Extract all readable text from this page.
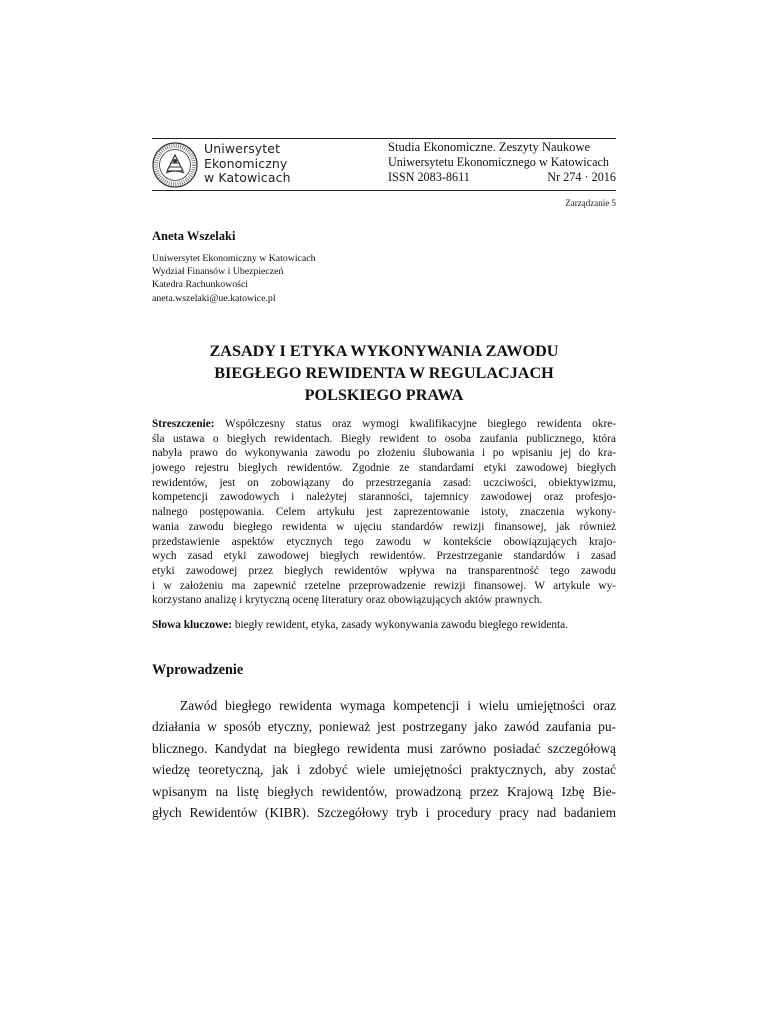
Uniwersytet
Ekonomiczny
w Katowicach
Studia Ekonomiczne. Zeszyty Naukowe
Uniwersytetu Ekonomicznego w Katowicach
ISSN 2083-8611	Nr 274 · 2016
Zarządzanie 5
Aneta Wszelaki
Uniwersytet Ekonomiczny w Katowicach
Wydział Finansów i Ubezpieczeń
Katedra Rachunkowości
aneta.wszelaki@ue.katowice.pl
ZASADY I ETYKA WYKONYWANIA ZAWODU
BIEGŁEGO REWIDENTA W REGULACJACH
POLSKIEGO PRAWA
Streszczenie: Współczesny status oraz wymogi kwalifikacyjne biegłego rewidenta okre-
śla ustawa o biegłych rewidentach. Biegły rewident to osoba zaufania publicznego, która
nabyła prawo do wykonywania zawodu po złożeniu ślubowania i po wpisaniu jej do kra-
jowego rejestru biegłych rewidentów. Zgodnie ze standardami etyki zawodowej biegłych
rewidentów, jest on zobowiązany do przestrzegania zasad: uczciwości, obiektywizmu,
kompetencji zawodowych i należytej staranności, tajemnicy zawodowej oraz profesjo-
nalnego postępowania. Celem artykułu jest zaprezentowanie istoty, znaczenia wykony-
wania zawodu biegłego rewidenta w ujęciu standardów rewizji finansowej, jak również
przedstawienie aspektów etycznych tego zawodu w kontekście obowiązujących krajo-
wych zasad etyki zawodowej biegłych rewidentów. Przestrzeganie standardów i zasad
etyki zawodowej przez biegłych rewidentów wpływa na transparentność tego zawodu
i w założeniu ma zapewnić rzetelne przeprowadzenie rewizji finansowej. W artykule wy-
korzystano analizę i krytyczną ocenę literatury oraz obowiązujących aktów prawnych.
Słowa kluczowe: biegły rewident, etyka, zasady wykonywania zawodu biegłego rewidenta.
Wprowadzenie
Zawód biegłego rewidenta wymaga kompetencji i wielu umiejętności oraz
działania w sposób etyczny, ponieważ jest postrzegany jako zawód zaufania pu-
blicznego. Kandydat na biegłego rewidenta musi zarówno posiadać szczegółową
wiedzę teoretyczną, jak i zdobyć wiele umiejętności praktycznych, aby zostać
wpisanym na listę biegłych rewidentów, prowadzoną przez Krajową Izbę Bie-
głych Rewidentów (KIBR). Szczegółowy tryb i procedury pracy nad badaniem
